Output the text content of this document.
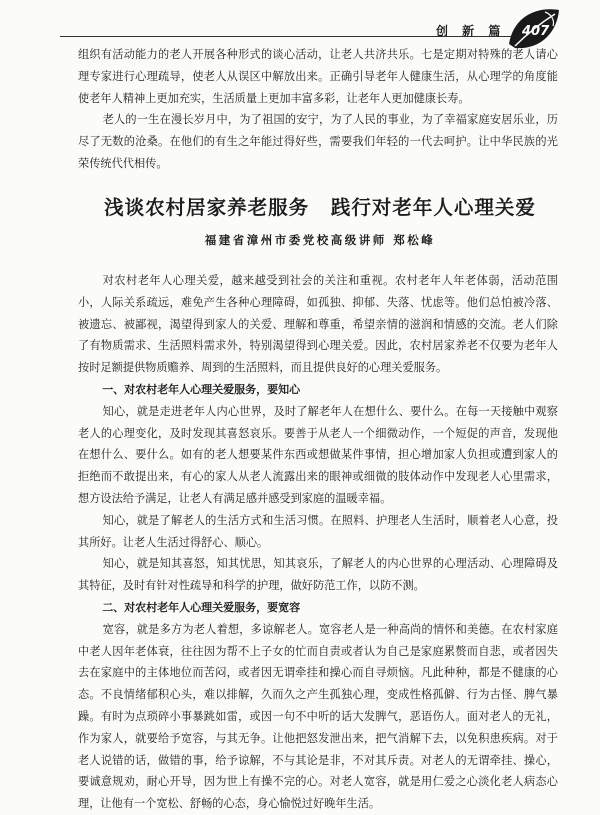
创 新 篇 407

组织有活动能力的老人开展各种形式的谈心活动，让老人共济共乐。七是定期对特殊的老人请心理专家进行心理疏导，使老人从误区中解放出来。正确引导老年人健康生活，从心理学的角度能使老年人精神上更加充实，生活质量上更加丰富多彩，让老年人更加健康长寿。

老人的一生在漫长岁月中，为了祖国的安宁，为了人民的事业，为了幸福家庭安居乐业，历尽了无数的沧桑。在他们的有生之年能过得好些，需要我们年轻的一代去呵护。让中华民族的光荣传统代代相传。

浅谈农村居家养老服务 践行对老年人心理关爱
福建省漳州市委党校高级讲师 郑松峰

对农村老年人心理关爱，越来越受到社会的关注和重视。农村老年人年老体弱，活动范围小，人际关系疏远，难免产生各种心理障碍，如孤独、抑郁、失落、忧虑等。他们总怕被冷落、被遗忘、被鄙视，渴望得到家人的关爱、理解和尊重，希望亲情的滋润和情感的交流。老人们除了有物质需求、生活照料需求外，特别渴望得到心理关爱。因此，农村居家养老不仅要为老年人按时足额提供物质赡养、周到的生活照料，而且提供良好的心理关爱服务。

一、对农村老年人心理关爱服务，要知心

知心，就是走进老年人内心世界，及时了解老年人在想什么、要什么。在每一天接触中观察老人的心理变化，及时发现其喜怒哀乐。要善于从老人一个细微动作，一个短促的声音，发现他在想什么、要什么。如有的老人想要某件东西或想做某件事情，担心增加家人负担或遭到家人的拒绝而不敢提出来，有心的家人从老人流露出来的眼神或细微的肢体动作中发现老人心里需求，想方设法给予满足，让老人有满足感并感受到家庭的温暖幸福。

知心，就是了解老人的生活方式和生活习惯。在照料、护理老人生活时，顺着老人心意，投其所好。让老人生活过得舒心、顺心。

知心，就是知其喜怒，知其忧思，知其哀乐，了解老人的内心世界的心理活动、心理障碍及其特征，及时有针对性疏导和科学的护理，做好防范工作，以防不测。

二、对农村老年人心理关爱服务，要宽容

宽容，就是多方为老人着想，多谅解老人。宽容老人是一种高尚的情怀和美德。在农村家庭中老人因年老体衰，往往因为帮不上子女的忙而自责或者认为自己是家庭累赘而自悲，或者因失去在家庭中的主体地位而苦闷，或者因无谓牵挂和操心而自寻烦恼。凡此种种，都是不健康的心态。不良情绪郁积心头，难以排解，久而久之产生孤独心理，变成性格孤僻、行为古怪、脾气暴躁。有时为点琐碎小事暴跳如雷，或因一句不中听的话大发脾气，恶语伤人。面对老人的无礼，作为家人，就要给予宽容，与其无争。让他把怒发泄出来，把气消解下去，以免积患疾病。对于老人说错的话，做错的事，给予谅解，不与其论是非，不对其斥责。对老人的无谓牵挂、操心，要诚意规劝，耐心开导，因为世上有操不完的心。对老人宽容，就是用仁爱之心淡化老人病态心理，让他有一个宽松、舒畅的心态，身心愉悦过好晚年生活。
